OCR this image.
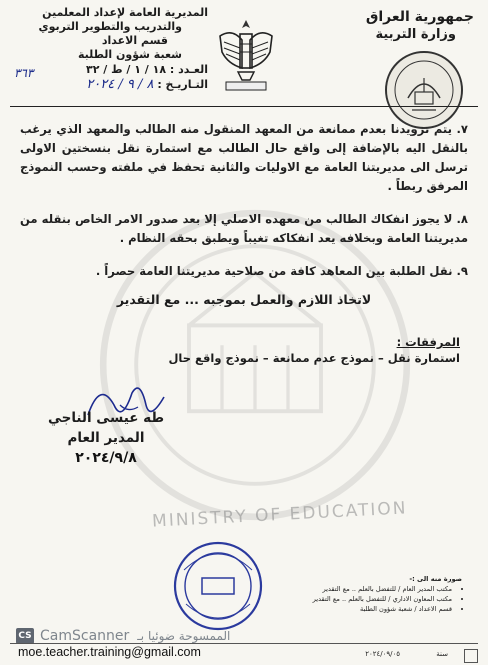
MINISTRY OF EDUCATION
جمهورية العراق
وزارة التربية
المديرية العامة لإعداد المعلمين
والتدريب والتطوير التربوي
قسم الاعداد
شعبة شؤون الطلبة
العـدد : ١٨ / ١ / ط / ٣٢
التـاريـخ : ٨ / ٩ / ٢٠٢٤
٣٦٣

٧. يتم تزويدنا بعدم ممانعة من المعهد المنقول منه الطالب والمعهد الذي يرغب بالنقل اليه بالإضافة إلى واقع حال الطالب مع استمارة نقل بنسختين الاولى ترسل الى مديريتنا العامة مع الاوليات والثانية تحفظ في ملفته وحسب النموذج المرفق ربطاً .

٨. لا يجوز انفكاك الطالب من معهده الاصلي إلا بعد صدور الامر الخاص بنقله من مديريتنا العامة وبخلافه يعد انفكاكه تغيباً ويطبق بحقه النظام .

٩. نقل الطلبة بين المعاهد كافة من صلاحية مديريتنا العامة حصراً .

لاتخاذ اللازم والعمل بموجبه ... مع التقدير
المرفقات :
استمارة نقل – نموذج عدم ممانعة – نموذج واقع حال
طه عيسى الناجي
المدير العام
٢٠٢٤/٩/٨
صورة منه الى :-
• مكتب المدير العام / للتفضل بالعلم .. مع التقدير
• مكتب المعاون الاداري / للتفضل بالعلم .. مع التقدير
• قسم الاعداد / شعبة شؤون الطلبة
CS CamScanner الممسوحة ضوئيا بـ
moe.teacher.training@gmail.com	٢٠٢٤/٠٩/٠٥	ﺳﻨﺔ
